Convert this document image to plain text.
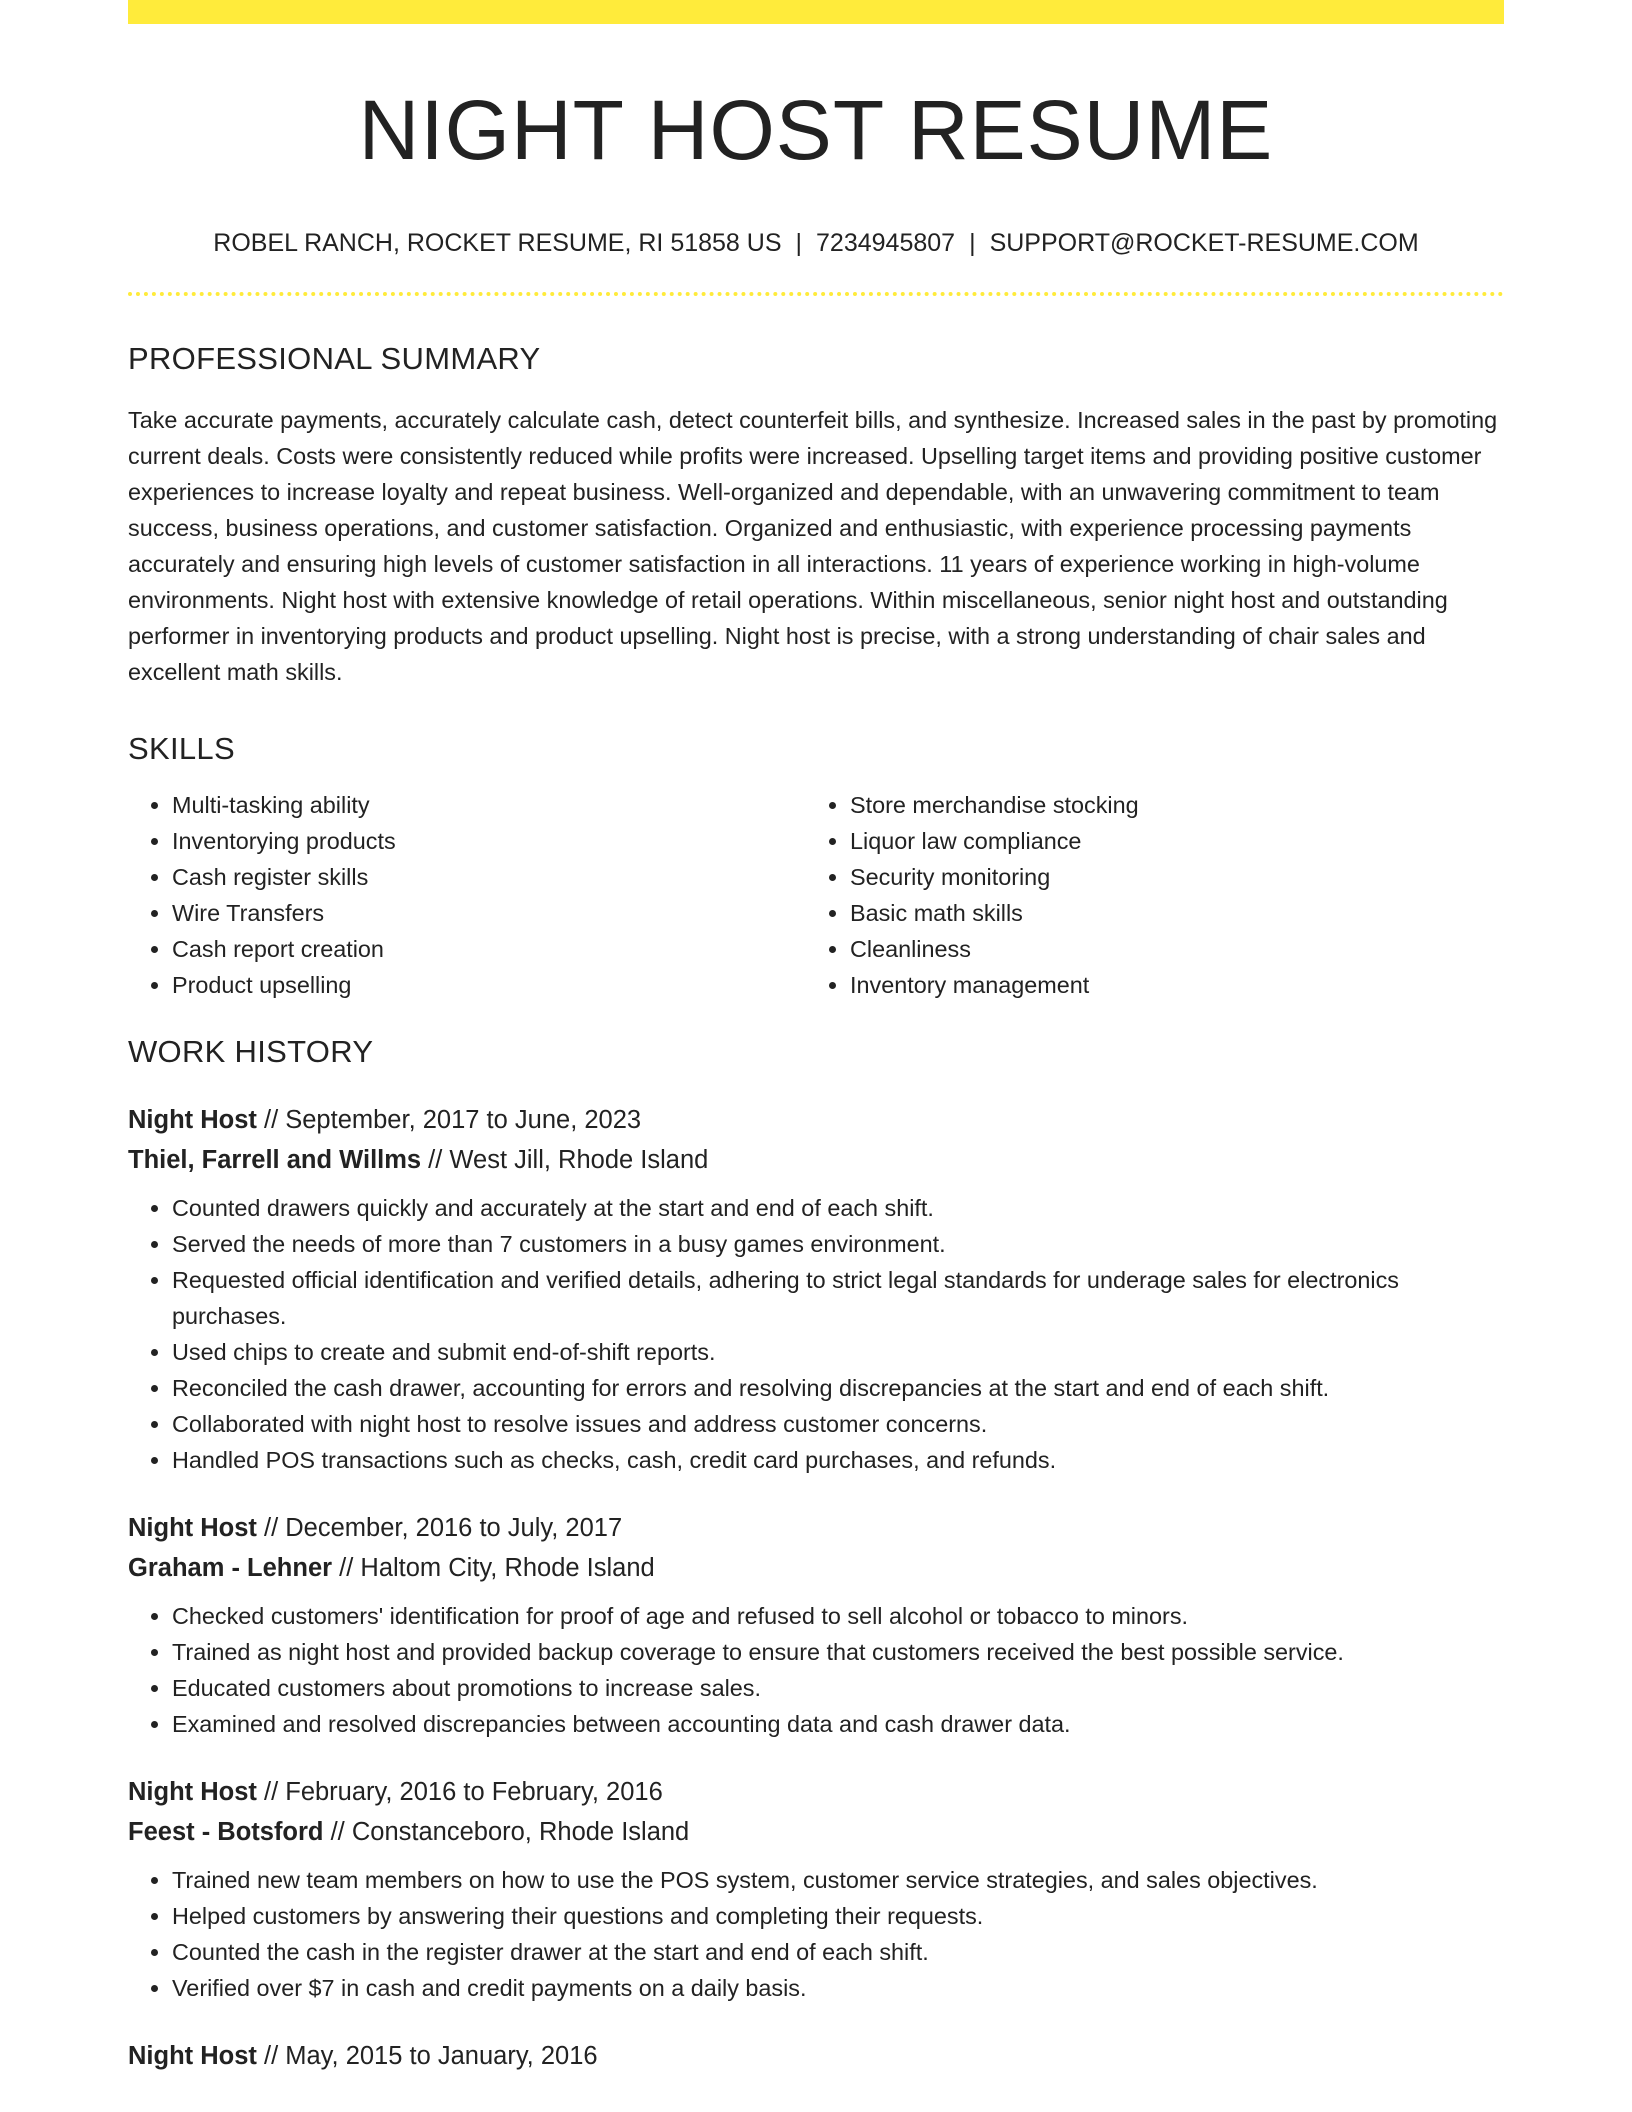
NIGHT HOST RESUME
ROBEL RANCH, ROCKET RESUME, RI 51858 US | 7234945807 | SUPPORT@ROCKET-RESUME.COM
PROFESSIONAL SUMMARY

Take accurate payments, accurately calculate cash, detect counterfeit bills, and synthesize. Increased sales in the past by promoting current deals. Costs were consistently reduced while profits were increased. Upselling target items and providing positive customer experiences to increase loyalty and repeat business. Well-organized and dependable, with an unwavering commitment to team success, business operations, and customer satisfaction. Organized and enthusiastic, with experience processing payments accurately and ensuring high levels of customer satisfaction in all interactions. 11 years of experience working in high-volume environments. Night host with extensive knowledge of retail operations. Within miscellaneous, senior night host and outstanding performer in inventorying products and product upselling. Night host is precise, with a strong understanding of chair sales and excellent math skills.

SKILLS
• Multi-tasking ability
• Inventorying products
• Cash register skills
• Wire Transfers
• Cash report creation
• Product upselling
• Store merchandise stocking
• Liquor law compliance
• Security monitoring
• Basic math skills
• Cleanliness
• Inventory management
WORK HISTORY
Night Host // September, 2017 to June, 2023
Thiel, Farrell and Willms // West Jill, Rhode Island
• Counted drawers quickly and accurately at the start and end of each shift.
• Served the needs of more than 7 customers in a busy games environment.
• Requested official identification and verified details, adhering to strict legal standards for underage sales for electronics purchases.
• Used chips to create and submit end-of-shift reports.
• Reconciled the cash drawer, accounting for errors and resolving discrepancies at the start and end of each shift.
• Collaborated with night host to resolve issues and address customer concerns.
• Handled POS transactions such as checks, cash, credit card purchases, and refunds.
Night Host // December, 2016 to July, 2017
Graham - Lehner // Haltom City, Rhode Island
• Checked customers' identification for proof of age and refused to sell alcohol or tobacco to minors.
• Trained as night host and provided backup coverage to ensure that customers received the best possible service.
• Educated customers about promotions to increase sales.
• Examined and resolved discrepancies between accounting data and cash drawer data.
Night Host // February, 2016 to February, 2016
Feest - Botsford // Constanceboro, Rhode Island
• Trained new team members on how to use the POS system, customer service strategies, and sales objectives.
• Helped customers by answering their questions and completing their requests.
• Counted the cash in the register drawer at the start and end of each shift.
• Verified over $7 in cash and credit payments on a daily basis.
Night Host // May, 2015 to January, 2016
